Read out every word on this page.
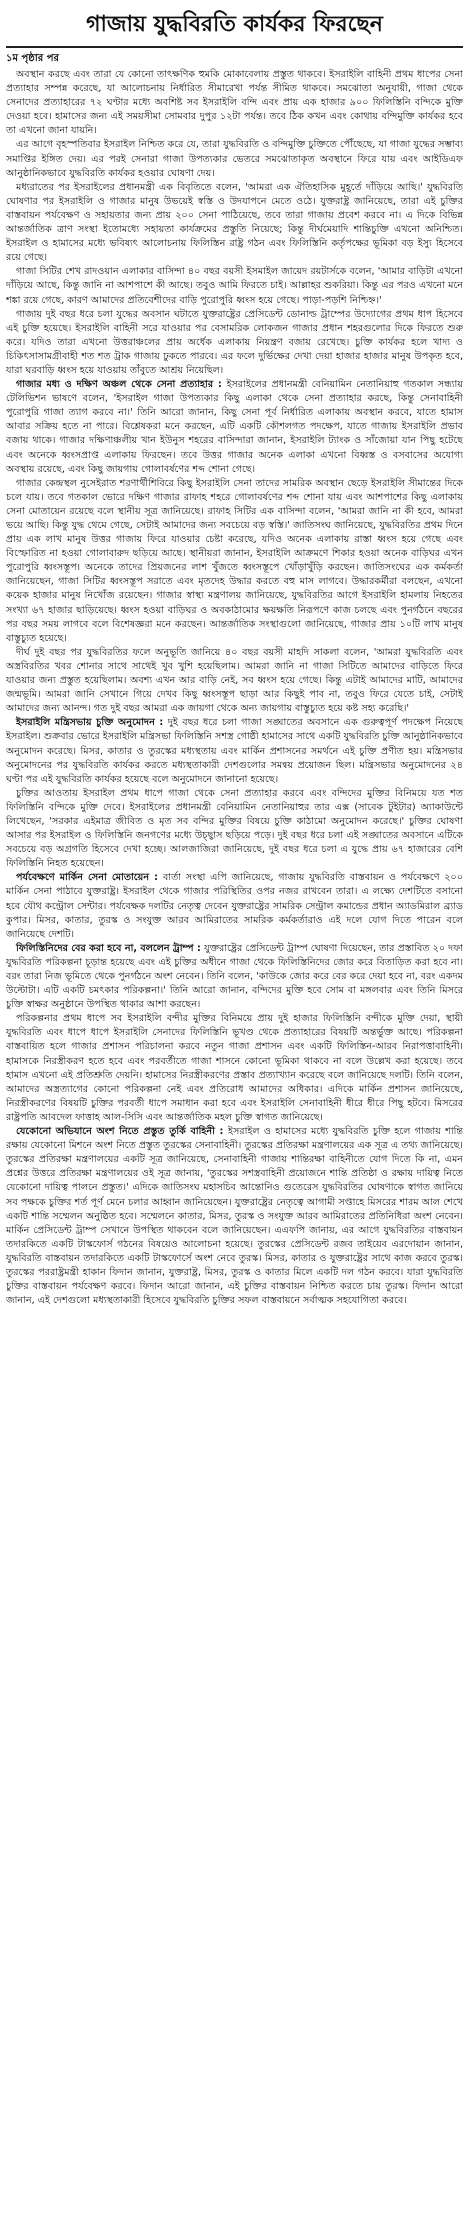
গাজায় যুদ্ধবিরতি কার্যকর ফিরছেন
১ম পৃষ্ঠার পর

অবস্থান করছে এবং তারা যে কোনো তাৎক্ষণিক হুমকি মোকাবেলায় প্রস্তুত থাকবে। ইসরাইলি বাহিনী প্রথম ধাপের সেনা প্রত্যাহার সম্পন্ন করেছে, যা আলোচনায় নির্ধারিত সীমারেখা পর্যন্ত সীমিত থাকবে। সমঝোতা অনুযায়ী, গাজা থেকে সেনাদের প্রত্যাহারের ৭২ ঘণ্টার মধ্যে অবশিষ্ট সব ইসরাইলি বন্দি এবং প্রায় এক হাজার ৯০০ ফিলিস্তিনি বন্দিকে মুক্তি দেওয়া হবে। হামাসের জন্য এই সময়সীমা সোমবার দুপুর ১২টা পর্যন্ত। তবে ঠিক কখন এবং কোথায় বন্দিমুক্তি কার্যকর হবে তা এখনো জানা যায়নি।

এর আগে বৃহস্পতিবার ইসরাইল নিশ্চিত করে যে, তারা যুদ্ধবিরতি ও বন্দিমুক্তি চুক্তিতে পৌঁছেছে, যা গাজা যুদ্ধের সম্ভাব্য সমাপ্তির ইঙ্গিত দেয়। এর পরই সেনারা গাজা উপত্যকার ভেতরে সমঝোতাকৃত অবস্থানে ফিরে যায় এবং আইডিএফ আনুষ্ঠানিকভাবে যুদ্ধবিরতি কার্যকর হওয়ার ঘোষণা দেয়।

মধ্যরাতের পর ইসরাইলের প্রধানমন্ত্রী এক বিবৃতিতে বলেন, 'আমরা এক ঐতিহাসিক মুহূর্তে দাঁড়িয়ে আছি।' যুদ্ধবিরতি ঘোষণার পর ইসরাইলি ও গাজার মানুষ উভয়েই স্বস্তি ও উদযাপনে মেতে ওঠে। যুক্তরাষ্ট্র জানিয়েছে, তারা এই চুক্তির বাস্তবায়ন পর্যবেক্ষণ ও সহায়তার জন্য প্রায় ২০০ সেনা পাঠিয়েছে, তবে তারা গাজায় প্রবেশ করবে না। এ দিকে বিভিন্ন আন্তর্জাতিক ত্রাণ সংস্থা ইতোমধ্যে সহায়তা কার্যক্রমের প্রস্তুতি নিয়েছে; কিন্তু দীর্ঘমেয়াদি শান্তিচুক্তি এখনো অনিশ্চিত। ইসরাইল ও হামাসের মধ্যে ভবিষ্যৎ আলোচনায় ফিলিস্তিন রাষ্ট্র গঠন এবং ফিলিস্তিনি কর্তৃপক্ষের ভূমিকা বড় ইস্যু হিসেবে রয়ে গেছে।

গাজা সিটির শেখ রাদওয়ান এলাকার বাসিন্দা ৪০ বছর বয়সী ইসমাইল জায়েদ রয়টার্সকে বলেন, 'আমার বাড়িটা এখনো দাঁড়িয়ে আছে, কিন্তু জানি না আশপাশে কী আছে। তবুও আমি ফিরতে চাই। আল্লাহর শুকরিয়া। কিন্তু এর পরও এখনো মনে শঙ্কা রয়ে গেছে, কারণ আমাদের প্রতিবেশীদের বাড়ি পুরোপুরি ধ্বংস হয়ে গেছে। পাড়া-পড়শি নিশ্চিহ্ন।'

গাজায় দুই বছর ধরে চলা যুদ্ধের অবসান ঘটাতে যুক্তরাষ্ট্রের প্রেসিডেন্ট ডোনাল্ড ট্রাম্পের উদ্যোগের প্রথম ধাপ হিসেবে এই চুক্তি হয়েছে। ইসরাইলি বাহিনী সরে যাওয়ার পর বেসামরিক লোকজন গাজার প্রধান শহরগুলোর দিকে ফিরতে শুরু করে। যদিও তারা এখনো উত্তরাঞ্চলের প্রায় অর্ধেক এলাকায় নিয়ন্ত্রণ বজায় রেখেছে। চুক্তি কার্যকর হলে খাদ্য ও চিকিৎসাসামগ্রীবাহী শত শত ট্রাক গাজায় ঢুকতে পারবে। এর ফলে দুর্ভিক্ষের দেখা দেয়া হাজার হাজার মানুষ উপকৃত হবে, যারা ঘরবাড়ি ধ্বংস হয়ে যাওয়ায় তাঁবুতে আশ্রয় নিয়েছিল।

গাজার মধ্য ও দক্ষিণ অঞ্চল থেকে সেনা প্রত্যাহার : ইসরাইলের প্রধানমন্ত্রী বেনিয়ামিন নেতানিয়াহু গতকাল সন্ধ্যায় টেলিভিশন ভাষণে বলেন, 'ইসরাইল গাজা উপত্যকার কিছু এলাকা থেকে সেনা প্রত্যাহার করছে, কিন্তু সেনাবাহিনী পুরোপুরি গাজা ত্যাগ করবে না।' তিনি আরো জানান, কিছু সেনা পূর্ব নির্ধারিত এলাকায় অবস্থান করবে, যাতে হামাস আবার সক্রিয় হতে না পারে। বিশ্লেষকরা মনে করছেন, এটি একটি কৌশলগত পদক্ষেপ, যাতে গাজায় ইসরাইলি প্রভাব বজায় থাকে। গাজার দক্ষিণাঞ্চলীয় খান ইউনুস শহরের বাসিন্দারা জানান, ইসরাইলি ট্যাংক ও সাঁজোয়া যান পিছু হটেছে এবং অনেকে ধ্বংসপ্রাপ্ত এলাকায় ফিরছেন। তবে উত্তর গাজার অনেক এলাকা এখনো বিধ্বস্ত ও বসবাসের অযোগ্য অবস্থায় রয়েছে, এবং কিছু জায়গায় গোলাবর্ষণের শব্দ শোনা গেছে।

গাজার কেন্দ্রস্থল নুসেইরাত শরণার্থীশিবিরে কিছু ইসরাইলি সেনা তাদের সামরিক অবস্থান ছেড়ে ইসরাইলি সীমান্তের দিকে চলে যায়। তবে গতকাল ভোরে দক্ষিণ গাজার রাফাহ শহরে গোলাবর্ষণের শব্দ শোনা যায় এবং আশপাশের কিছু এলাকায় সেনা মোতায়েন রয়েছে বলে স্থানীয় সূত্র জানিয়েছে। রাফাহ সিটির এক বাসিন্দা বলেন, 'আমরা জানি না কী হবে, আমরা ভয়ে আছি। কিন্তু যুদ্ধ থেমে গেছে, সেটাই আমাদের জন্য সবচেয়ে বড় স্বস্তি।' জাতিসংঘ জানিয়েছে, যুদ্ধবিরতির প্রথম দিনে প্রায় এক লাখ মানুষ উত্তর গাজায় ফিরে যাওয়ার চেষ্টা করেছে, যদিও অনেক এলাকায় রাস্তা ধ্বংস হয়ে গেছে এবং বিস্ফোরিত না হওয়া গোলাবারুদ ছড়িয়ে আছে। স্থানীয়রা জানান, ইসরাইলি আক্রমণে শিকার হওয়া অনেক বাড়িঘর এখন পুরোপুরি ধ্বংসস্তূপ। অনেকে তাদের প্রিয়জনের লাশ খুঁজতে ধ্বংসস্তূপে খোঁড়াখুঁড়ি করছেন। জাতিসংঘের এক কর্মকর্তা জানিয়েছেন, গাজা সিটির ধ্বংসস্তূপ সরাতে এবং মৃতদেহ উদ্ধার করতে বহু মাস লাগবে। উদ্ধারকর্মীরা বলছেন, এখনো কয়েক হাজার মানুষ নিখোঁজ রয়েছেন। গাজার স্বাস্থ্য মন্ত্রণালয় জানিয়েছে, যুদ্ধবিরতির আগে ইসরাইলি হামলায় নিহতের সংখ্যা ৬৭ হাজার ছাড়িয়েছে। ধ্বংস হওয়া বাড়িঘর ও অবকাঠামোর ক্ষয়ক্ষতি নিরূপণে কাজ চলছে এবং পুনর্গঠনে বছরের পর বছর সময় লাগবে বলে বিশেষজ্ঞরা মনে করছেন। আন্তর্জাতিক সংস্থাগুলো জানিয়েছে, গাজার প্রায় ১০টি লাখ মানুষ বাস্তুচ্যুত হয়েছে।

দীর্ঘ দুই বছর পর যুদ্ধবিরতির ফলে অনুভূতি জানিয়ে ৪০ বছর বয়সী মাহদি সাকলা বলেন, 'আমরা যুদ্ধবিরতি এবং অস্ত্রবিরতির খবর শোনার সাথে সাথেই খুব খুশি হয়েছিলাম। আমরা জানি না গাজা সিটিতে আমাদের বাড়িতে ফিরে যাওয়ার জন্য প্রস্তুত হয়েছিলাম। অবশ্য এখন আর বাড়ি নেই, সব ধ্বংস হয়ে গেছে। কিন্তু এটাই আমাদের মাটি, আমাদের জন্মভূমি। আমরা জানি সেখানে গিয়ে দেখব কিছু ধ্বংসস্তূপ ছাড়া আর কিছুই পাব না, তবুও ফিরে যেতে চাই, সেটাই আমাদের জন্য আনন্দ। গত দুই বছর আমরা এক জায়গা থেকে অন্য জায়গায় বাস্তুচ্যুত হয়ে কষ্ট সহ্য করেছি।'

ইসরাইলি মন্ত্রিসভায় চুক্তি অনুমোদন : দুই বছর ধরে চলা গাজা সঙ্ঘাতের অবসানে এক গুরুত্বপূর্ণ পদক্ষেপ নিয়েছে ইসরাইল। শুক্রবার ভোরে ইসরাইলি মন্ত্রিসভা ফিলিস্তিনি সশস্ত্র গোষ্ঠী হামাসের সাথে একটি যুদ্ধবিরতি চুক্তি আনুষ্ঠানিকভাবে অনুমোদন করেছে। মিসর, কাতার ও তুরস্কের মধ্যস্থতায় এবং মার্কিন প্রশাসনের সমর্থনে এই চুক্তি প্রণীত হয়। মন্ত্রিসভার অনুমোদনের পর যুদ্ধবিরতি কার্যকর করতে মধ্যস্থতাকারী দেশগুলোর সমন্বয় প্রয়োজন ছিল। মন্ত্রিসভার অনুমোদনের ২৪ ঘণ্টা পর এই যুদ্ধবিরতি কার্যকর হয়েছে বলে অনুমোদনে জানানো হয়েছে।

চুক্তির আওতায় ইসরাইল প্রথম ধাপে গাজা থেকে সেনা প্রত্যাহার করবে এবং বন্দিদের মুক্তির বিনিময়ে যত শত ফিলিস্তিনি বন্দিকে মুক্তি দেবে। ইসরাইলের প্রধানমন্ত্রী বেনিয়ামিন নেতানিয়াহুর তার এক্স (সাবেক টুইটার) অ্যাকাউন্টে লিখেছেন, 'সরকার এইমাত্র জীবিত ও মৃত সব বন্দির মুক্তির বিষয়ে চুক্তি কাঠামো অনুমোদন করেছে।' চুক্তির ঘোষণা আসার পর ইসরাইল ও ফিলিস্তিনি জনগণের মধ্যে উচ্ছ্বাস ছড়িয়ে পড়ে। দুই বছর ধরে চলা এই সঙ্ঘাতের অবসানে এটিকে সবচেয়ে বড় অগ্রগতি হিসেবে দেখা হচ্ছে। আলজাজিরা জানিয়েছে, দুই বছর ধরে চলা এ যুদ্ধে প্রায় ৬৭ হাজারের বেশি ফিলিস্তিনি নিহত হয়েছেন।

পর্যবেক্ষণে মার্কিন সেনা মোতায়েন : বার্তা সংস্থা এপি জানিয়েছে, গাজায় যুদ্ধবিরতি বাস্তবায়ন ও পর্যবেক্ষণে ২০০ মার্কিন সেনা পাঠাবে যুক্তরাষ্ট্র। ইসরাইল থেকে গাজার পরিস্থিতির ওপর নজর রাখবেন তারা। এ লক্ষ্যে দেশটিতে বসানো হবে যৌথ কন্ট্রোল সেন্টার। পর্যবেক্ষক দলটির নেতৃত্ব দেবেন যুক্তরাষ্ট্রের সামরিক সেন্ট্রাল কমান্ডের প্রধান অ্যাডমিরাল ব্র্যাড কুপার। মিসর, কাতার, তুরস্ক ও সংযুক্ত আরব আমিরাতের সামরিক কর্মকর্তারাও এই দলে যোগ দিতে পারেন বলে জানিয়েছে দেশটি।

ফিলিস্তিনিদের বের করা হবে না, বললেন ট্রাম্প : যুক্তরাষ্ট্রের প্রেসিডেন্ট ট্রাম্প ঘোষণা দিয়েছেন, তার প্রস্তাবিত ২০ দফা যুদ্ধবিরতি পরিকল্পনা চূড়ান্ত হয়েছে এবং এই চুক্তির অধীনে গাজা থেকে ফিলিস্তিনিদের জোর করে বিতাড়িত করা হবে না। বরং তারা নিজ ভূমিতে থেকে পুনর্গঠনে অংশ নেবেন। তিনি বলেন, 'কাউকে জোর করে বের করে দেয়া হবে না, বরং একদম উল্টোটা। এটি একটি চমৎকার পরিকল্পনা।' তিনি আরো জানান, বন্দিদের মুক্তি হবে সোম বা মঙ্গলবার এবং তিনি মিসরে চুক্তি স্বাক্ষর অনুষ্ঠানে উপস্থিত থাকার আশা করছেন।

পরিকল্পনার প্রথম ধাপে সব ইসরাইলি বন্দীর মুক্তির বিনিময়ে প্রায় দুই হাজার ফিলিস্তিনি বন্দীকে মুক্তি দেয়া, স্থায়ী যুদ্ধবিরতি এবং ধাপে ধাপে ইসরাইলি সেনাদের ফিলিস্তিনি ভূখণ্ড থেকে প্রত্যাহারের বিষয়টি অন্তর্ভুক্ত আছে। পরিকল্পনা বাস্তবায়িত হলে গাজার প্রশাসন পরিচালনা করবে নতুন গাজা প্রশাসন এবং একটি ফিলিস্তিন-আরব নিরাপত্তাবাহিনী। হামাসকে নিরস্ত্রীকরণ হতে হবে এবং পরবর্তীতে গাজা শাসনে কোনো ভূমিকা থাকবে না বলে উল্লেখ করা হয়েছে। তবে হামাস এখনো এই প্রতিশ্রুতি দেয়নি। হামাসের নিরস্ত্রীকরণের প্রস্তাব প্রত্যাখ্যান করেছে বলে জানিয়েছে দলটি। তিনি বলেন, আমাদের অস্ত্রত্যাগের কোনো পরিকল্পনা নেই এবং প্রতিরোধ আমাদের অধিকার। এদিকে মার্কিন প্রশাসন জানিয়েছে, নিরস্ত্রীকরণের বিষয়টি চুক্তির পরবর্তী ধাপে সমাধান করা হবে এবং ইসরাইলি সেনাবাহিনী ধীরে ধীরে পিছু হটবে। মিসরের রাষ্ট্রপতি আবদেল ফাত্তাহ আল-সিসি এবং আন্তর্জাতিক মহল চুক্তি স্বাগত জানিয়েছে।

যেকোনো অভিযানে অংশ নিতে প্রস্তুত তুর্কি বাহিনী : ইসরাইল ও হামাসের মধ্যে যুদ্ধবিরতি চুক্তি হলে গাজায় শান্তি রক্ষায় যেকোনো মিশনে অংশ নিতে প্রস্তুত তুরস্কের সেনাবাহিনী। তুরস্কের প্রতিরক্ষা মন্ত্রণালয়ের এক সূত্র এ তথ্য জানিয়েছে। তুরস্কের প্রতিরক্ষা মন্ত্রণালয়ের একটি সূত্র জানিয়েছে, সেনাবাহিনী গাজায় শান্তিরক্ষা বাহিনীতে যোগ দিতে কি না, এমন প্রশ্নের উত্তরে প্রতিরক্ষা মন্ত্রণালয়ের ওই সূত্র জানায়, 'তুরস্কের সশস্ত্রবাহিনী প্রয়োজনে শান্তি প্রতিষ্ঠা ও রক্ষায় দায়িত্ব নিতে যেকোনো দায়িত্ব পালনে প্রস্তুত।' এদিকে জাতিসংঘ মহাসচিব আন্তোনিও গুতেরেস যুদ্ধবিরতির ঘোষণাকে স্বাগত জানিয়ে সব পক্ষকে চুক্তির শর্ত পূর্ণ মেনে চলার আহ্বান জানিয়েছেন। যুক্তরাষ্ট্রের নেতৃত্বে আগামী সপ্তাহে মিসরের শারম আল শেখে একটি শান্তি সম্মেলন অনুষ্ঠিত হবে। সম্মেলনে কাতার, মিসর, তুরস্ক ও সংযুক্ত আরব আমিরাতের প্রতিনিধিরা অংশ নেবেন। মার্কিন প্রেসিডেন্ট ট্রাম্প সেখানে উপস্থিত থাকবেন বলে জানিয়েছেন। এএফপি জানায়, এর আগে যুদ্ধবিরতির বাস্তবায়ন তদারকিতে একটি টাস্কফোর্স গঠনের বিষয়েও আলোচনা হয়েছে। তুরস্কের প্রেসিডেন্ট রজব তাইয়েব এরদোয়ান জানান, যুদ্ধবিরতি বাস্তবায়ন তদারকিতে একটি টাস্কফোর্সে অংশ নেবে তুরস্ক। মিসর, কাতার ও যুক্তরাষ্ট্রের সাথে কাজ করবে তুরস্ক। তুরস্কের পররাষ্ট্রমন্ত্রী হাকান ফিদান জানান, যুক্তরাষ্ট্র, মিসর, তুরস্ক ও কাতার মিলে একটি দল গঠন করবে। যারা যুদ্ধবিরতি চুক্তির বাস্তবায়ন পর্যবেক্ষণ করবে। ফিদান আরো জানান, এই চুক্তির বাস্তবায়ন নিশ্চিত করতে চায় তুরস্ক। ফিদান আরো জানান, এই দেশগুলো মধ্যস্থতাকারী হিসেবে যুদ্ধবিরতি চুক্তির সফল বাস্তবায়নে সর্বাত্মক সহযোগিতা করবে।
